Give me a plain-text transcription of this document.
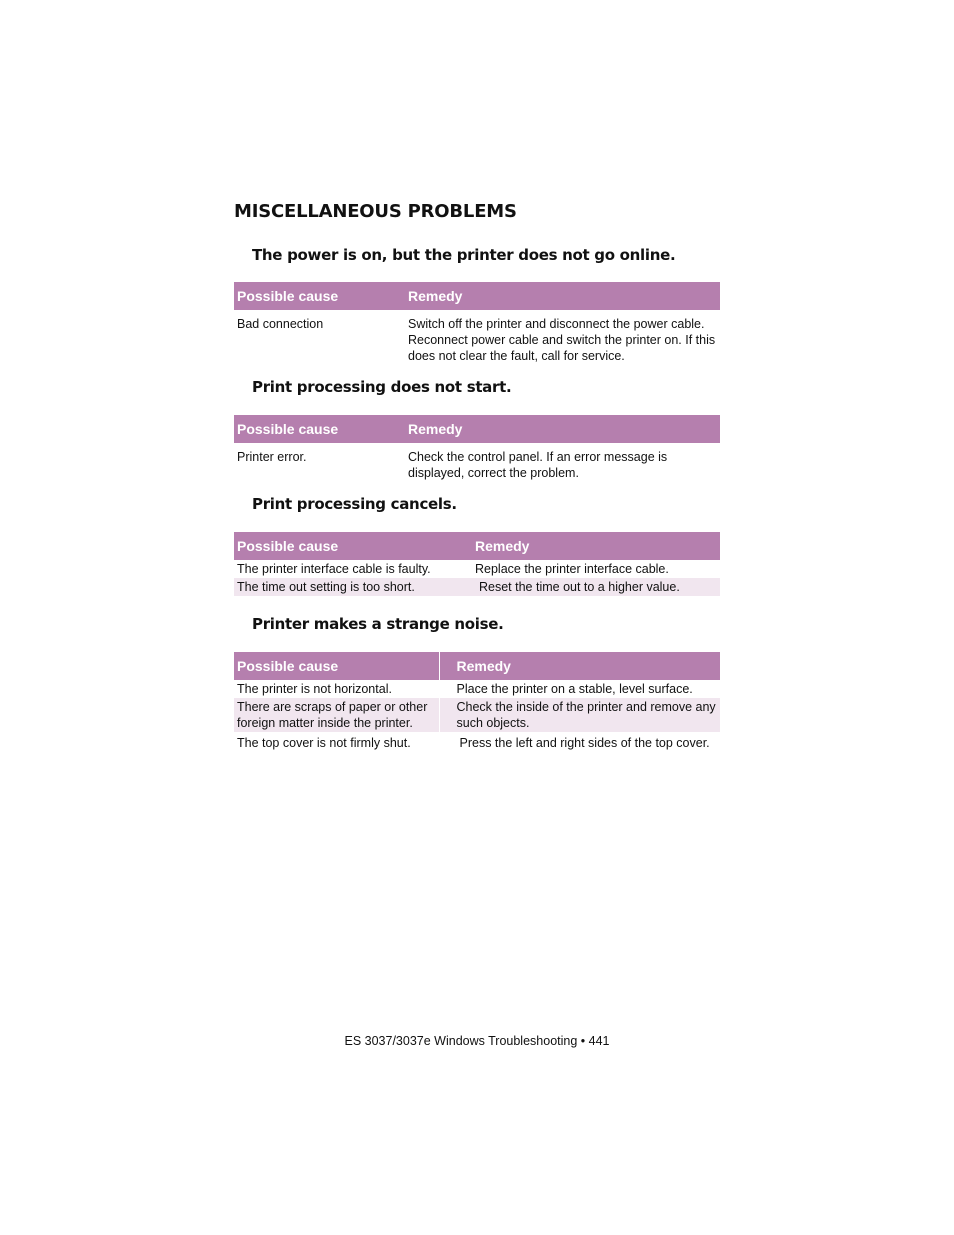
MISCELLANEOUS PROBLEMS
The power is on, but the printer does not go online.
Possible cause	Remedy
Bad connection	Switch off the printer and disconnect the power cable. Reconnect power cable and switch the printer on. If this does not clear the fault, call for service.
Print processing does not start.
Possible cause	Remedy
Printer error.	Check the control panel. If an error message is displayed, correct the problem.
Print processing cancels.
Possible cause	Remedy
The printer interface cable is faulty.	Replace the printer interface cable.
The time out setting is too short.	Reset the time out to a higher value.
Printer makes a strange noise.
Possible cause	Remedy
The printer is not horizontal.	Place the printer on a stable, level surface.
There are scraps of paper or other foreign matter inside the printer.	Check the inside of the printer and remove any such objects.
The top cover is not firmly shut.	Press the left and right sides of the top cover.

ES 3037/3037e Windows Troubleshooting • 441
